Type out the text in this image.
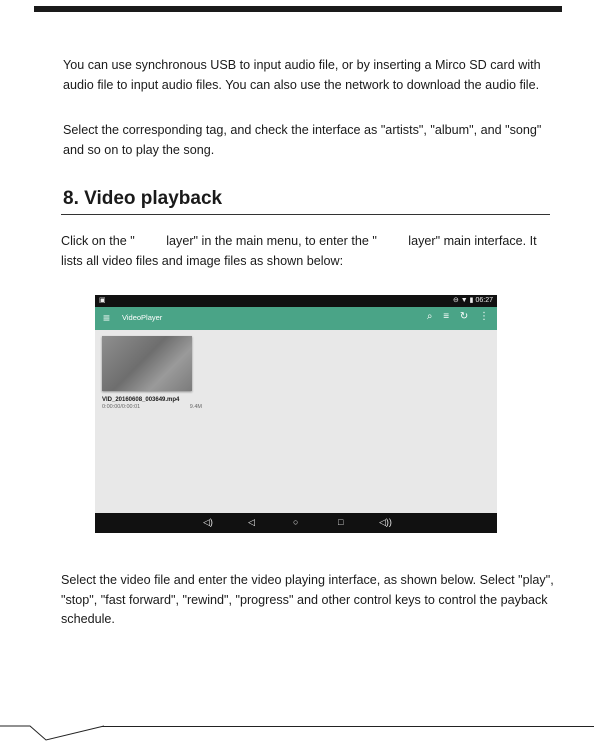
You can use synchronous USB to input audio file, or by inserting a Mirco SD card with audio file to input audio files. You can also use the network to download the audio file.

Select the corresponding tag, and check the interface as "artists", "album", and "song" and so on to play the song.

8. Video playback

Click on the "         layer" in the main menu, to enter the "         layer" main interface. It lists all video files and image files as shown below:

▣	⊖ ▼ ▮ 06:27
≡ VideoPlayer	⌕ ≡ ↻ ⋮
VID_20160608_003649.mp4
0:00:00/0:00:01	9.4M
◁)	◁	○	□	◁))

Select the video file and enter the video playing interface, as shown below. Select "play", "stop", "fast forward", "rewind", "progress" and other control keys to control the payback schedule.
